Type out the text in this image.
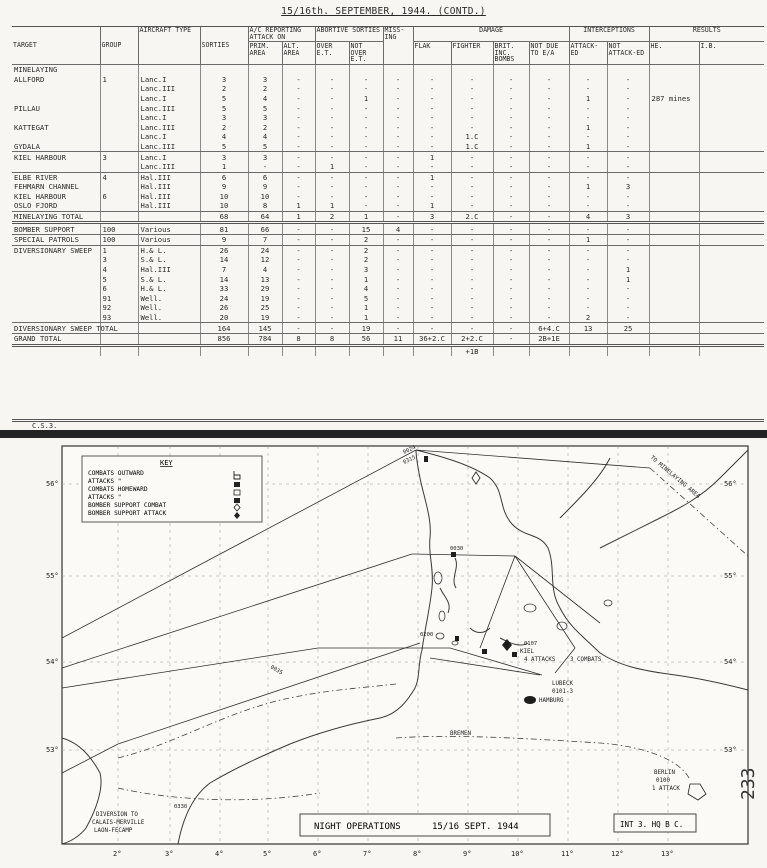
15/16th. SEPTEMBER, 1944. (CONTD.)
TARGET	GROUP	AIRCRAFT TYPE	SORTIES	A/C REPORTING ATTACK ON		ABORTIVE SORTIES		MISS-ING	DAMAGE				INTERCEPTIONS		RESULTS	
				PRIM. AREA	ALT. AREA	OVER E.T.	NOT OVER E.T.		FLAK	FIGHTER	BRIT. INC. BOMBS	NOT DUE TO E/A	ATTACK-ED	NOT ATTACK-ED	HE.	I.B.
MINELAYING																
ALLFORD	1	Lanc.I	3	3	-	-	-	-	-	-	-	-	-	-		
		Lanc.III	2	2	-	-	-	-	-	-	-	-	-	-		
		Lanc.I	5	4	-	-	1	-	-	-	-	-	1	-	287 mines	
PILLAU		Lanc.III	5	5	-	-	-	-	-	-	-	-	-	-		
		Lanc.I	3	3	-	-	-	-	-	-	-	-	-	-		
KATTEGAT		Lanc.III	2	2	-	-	-	-	-	-	-	-	1	-		
		Lanc.I	4	4	-	-	-	-	-	1.C	-	-	-	-		
GYDALA		Lanc.III	5	5	-	-	-	-	-	1.C	-	-	1	-		
KIEL HARBOUR	3	Lanc.I	3	3	-	-	-	-	1	-	-	-	-	-		
		Lanc.III	1	-	-	1	-	-	-	-	-	-	-	-		
ELBE RIVER	4	Hal.III	6	6	-	-	-	-	1	-	-	-	-	-		
FEHMARN CHANNEL		Hal.III	9	9	-	-	-	-	-	-	-	-	1	3		
KIEL HARBOUR	6	Hal.III	10	10	-	-	-	-	-	-	-	-	-	-		
OSLO FJORD		Hal.III	10	8	1	1	-	-	1	-	-	-	-	-		
MINELAYING TOTAL			68	64	1	2	1	-	3	2.C	-	-	4	3		
BOMBER SUPPORT	100	Various	81	66	-	-	15	4	-	-	-	-	-	-		
SPECIAL PATROLS	100	Various	9	7	-	-	2	-	-	-	-	-	1	-		
DIVERSIONARY SWEEP	1	H.& L.	26	24	-	-	2	-	-	-	-	-	-	-		
	3	S.& L.	14	12	-	-	2	-	-	-	-	-	-	-		
	4	Hal.III	7	4	-	-	3	-	-	-	-	-	-	1		
	5	S.& L.	14	13	-	-	1	-	-	-	-	-	-	1		
	6	H.& L.	33	29	-	-	4	-	-	-	-	-	-	-		
	91	Well.	24	19	-	-	5	-	-	-	-	-	-	-		
	92	Well.	26	25	-	-	1	-	-	-	-	-	-	-		
	93	Well.	20	19	-	-	1	-	-	-	-	-	2	-		
DIVERSIONARY SWEEP TOTAL			164	145	-	-	19	-	-	-	-	6+4.C	13	25		
GRAND TOTAL			856	784	8	8	56	11	36+2.C	2+2.C	-	2B+1E				
										+1B						
C.S.3.
KEY
COMBATS OUTWARD
ATTACKS "
COMBATS HOMEWARD
ATTACKS "
BOMBER SUPPORT COMBAT
BOMBER SUPPORT ATTACK
TO MINELAYING AREA
KIEL
4 ATTACKS	3 COMBATS
LUBECK
0101-3
HAMBURG
BREMEN
BERLIN
0100
1 ATTACK
DIVERSION TO
CALAIS-MERVILLE
LAON-FECAMP
0024
0315
0030
0200
0107
0035
0330
56°	56°
55°	55°
54°	54°
53°	53°
2°	3°	4°	5°	6°	7°	8°	9°	10°	11°	12°	13°
NIGHT OPERATIONS	15/16 SEPT. 1944	INT 3. HQ B C.
233
